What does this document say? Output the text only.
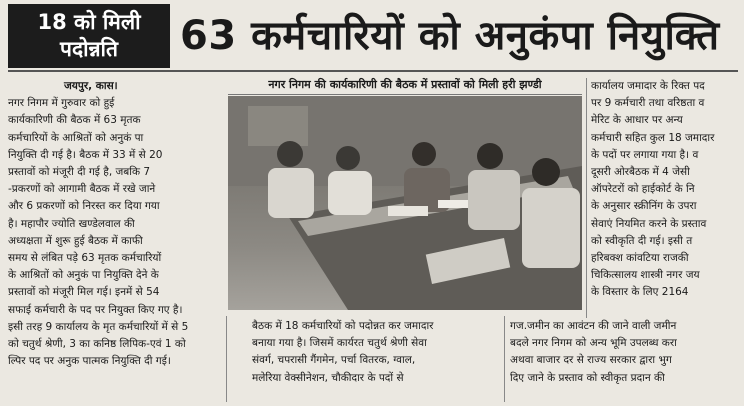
18 को मिली
पदोन्नति 63 कर्मचारियों को अनुकंपा नियुक्ति

जयपुर, कास।

नगर निगम में गुरुवार को हुई

कार्यकारिणी की बैठक में 63 मृतक

कर्मचारियों के आश्रितों को अनुकं पा

नियुक्ति दी गई है। बैठक में 33 में से 20

प्रस्तावों को मंजूरी दी गई है, जबकि 7

-प्रकरणों को आगामी बैठक में रखे जाने

और 6 प्रकरणों को निरस्त कर दिया गया

है। महापौर ज्योति खण्डेलवाल की

अध्यक्षता में शुरू हुई बैठक में काफी

समय से लंबित पड़े 63 मृतक कर्मचारियों

के आश्रितों को अनुकं पा नियुक्ति देने के

प्रस्तावों को मंजूरी मिल गई। इनमें से 54

सफाई कर्मचारी के पद पर नियुक्त किए गए है।

इसी तरह 9 कार्यालय के मृत कर्मचारियों में से 5

को चतुर्थ श्रेणी, 3 का कनिष्ठ लिपिक-एवं 1 को

ल्पिर पद पर अनुक पात्मक नियुक्ति दी गई।

नगर निगम की कार्यकारिणी की बैठक में प्रस्तावों को मिली हरी झण्डी	कार्यालय जमादार के रिक्त पद

पर 9 कर्मचारी तथा वरिष्ठता व

मेरिट के आधार पर अन्य

कर्मचारी सहित कुल 18 जमादार

के पदों पर लगाया गया है। व

दूसरी ओरबैठक में 4 जेसी

ऑपरेटरों को हाईकोर्ट के नि

के अनुसार स्क्रीनिंग के उपरा

सेवाएं नियमित करने के प्रस्ताव

को स्वीकृति दी गई। इसी त

हरिबक्श कांवटिया राजकी

चिकित्सालय शास्त्री नगर जय

के विस्तार के लिए 2164

बैठक में 18 कर्मचारियों को पदोन्नत कर जमादार

बनाया गया है। जिसमें कार्यरत चतुर्थ श्रेणी सेवा

संवर्ग, चपरासी गैंगमेन, पर्चा वितरक, ग्वाल,

मलेरिया वेक्सीनेशन, चौकीदार के पदों से

गज.जमीन का आवंटन की जाने वाली जमीन

बदले नगर निगम को अन्य भूमि उपलब्ध करा

अथवा बाजार दर से राज्य सरकार द्वारा भुग

दिए जाने के प्रस्ताव को स्वीकृत प्रदान की
